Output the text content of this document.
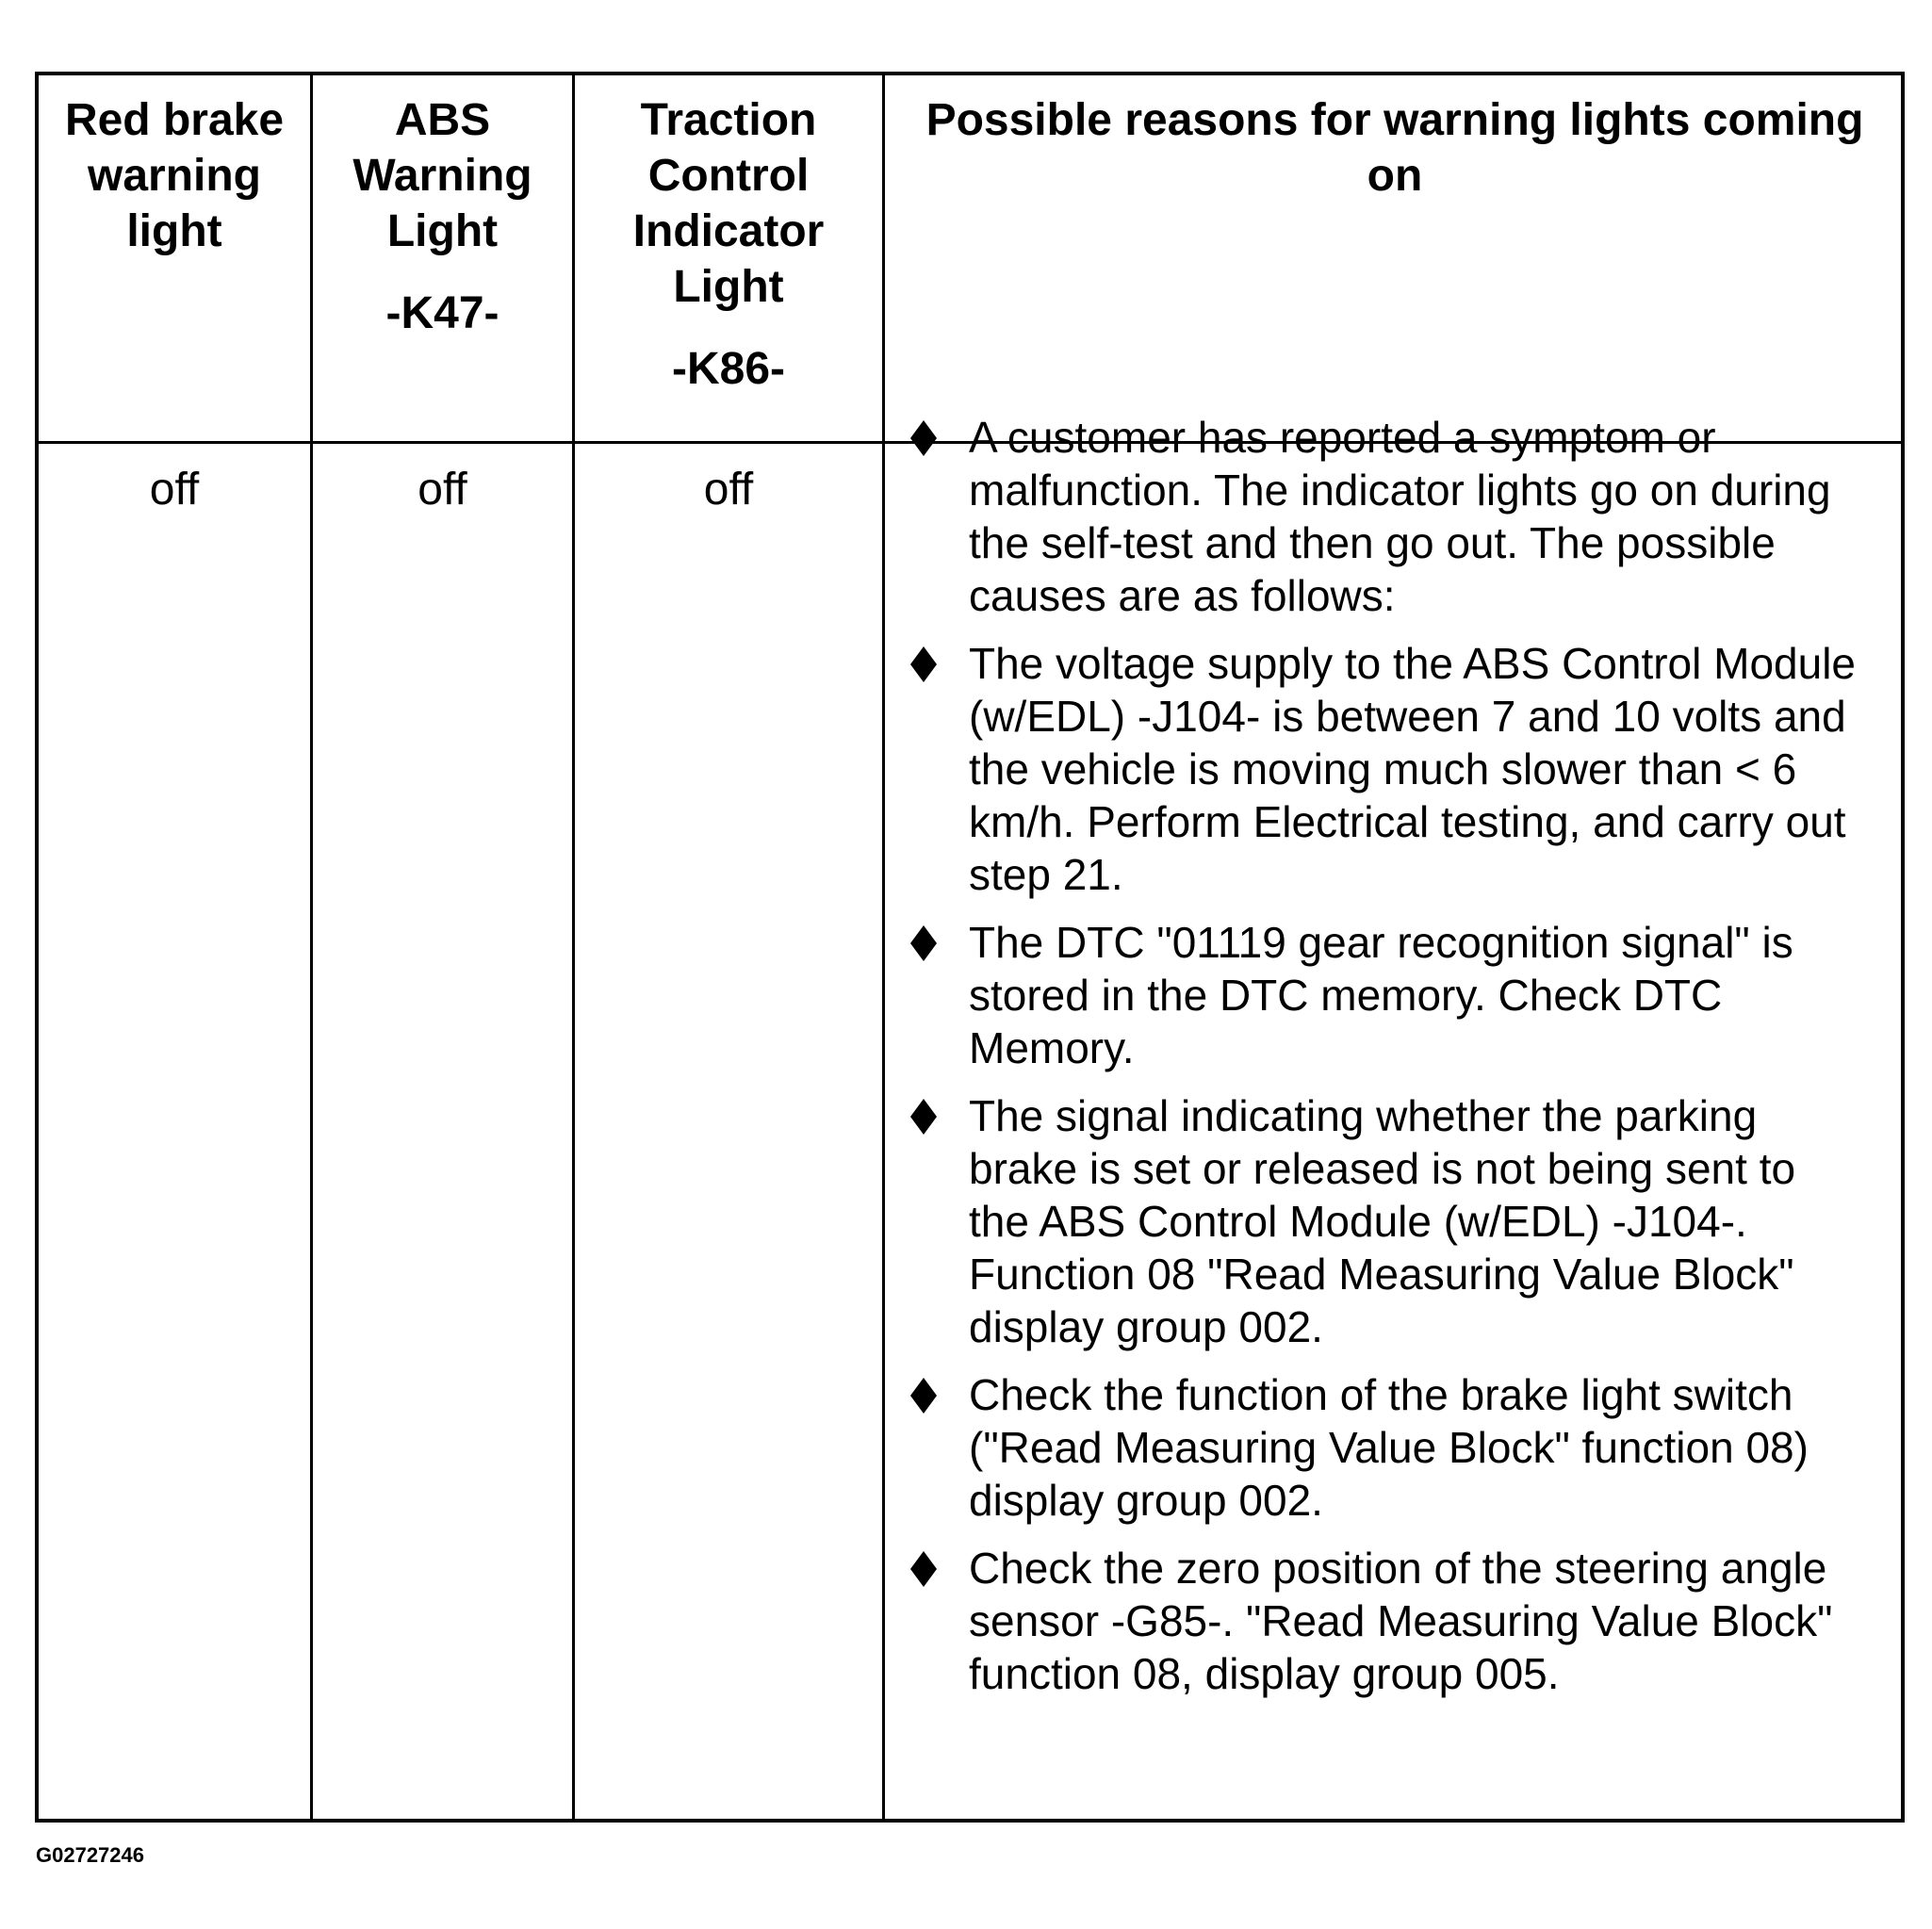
Red brake
warning
light
ABS
Warning
Light
-K47-
Traction
Control
Indicator
Light
-K86-
Possible reasons for warning lights coming
on
off	off	off
A customer has reported a symptom or malfunction. The indicator lights go on during the self-test and then go out. The possible causes are as follows:
The voltage supply to the ABS Control Module (w/EDL) -J104- is between 7 and 10 volts and the vehicle is moving much slower than < 6 km/h. Perform Electrical testing, and carry out step 21.
The DTC "01119 gear recognition signal" is stored in the DTC memory. Check DTC Memory.
The signal indicating whether the parking brake is set or released is not being sent to the ABS Control Module (w/EDL) -J104-. Function 08 "Read Measuring Value Block" display group 002.
Check the function of the brake light switch ("Read Measuring Value Block" function 08) display group 002.
Check the zero position of the steering angle sensor -G85-. "Read Measuring Value Block" function 08, display group 005.
G02727246
